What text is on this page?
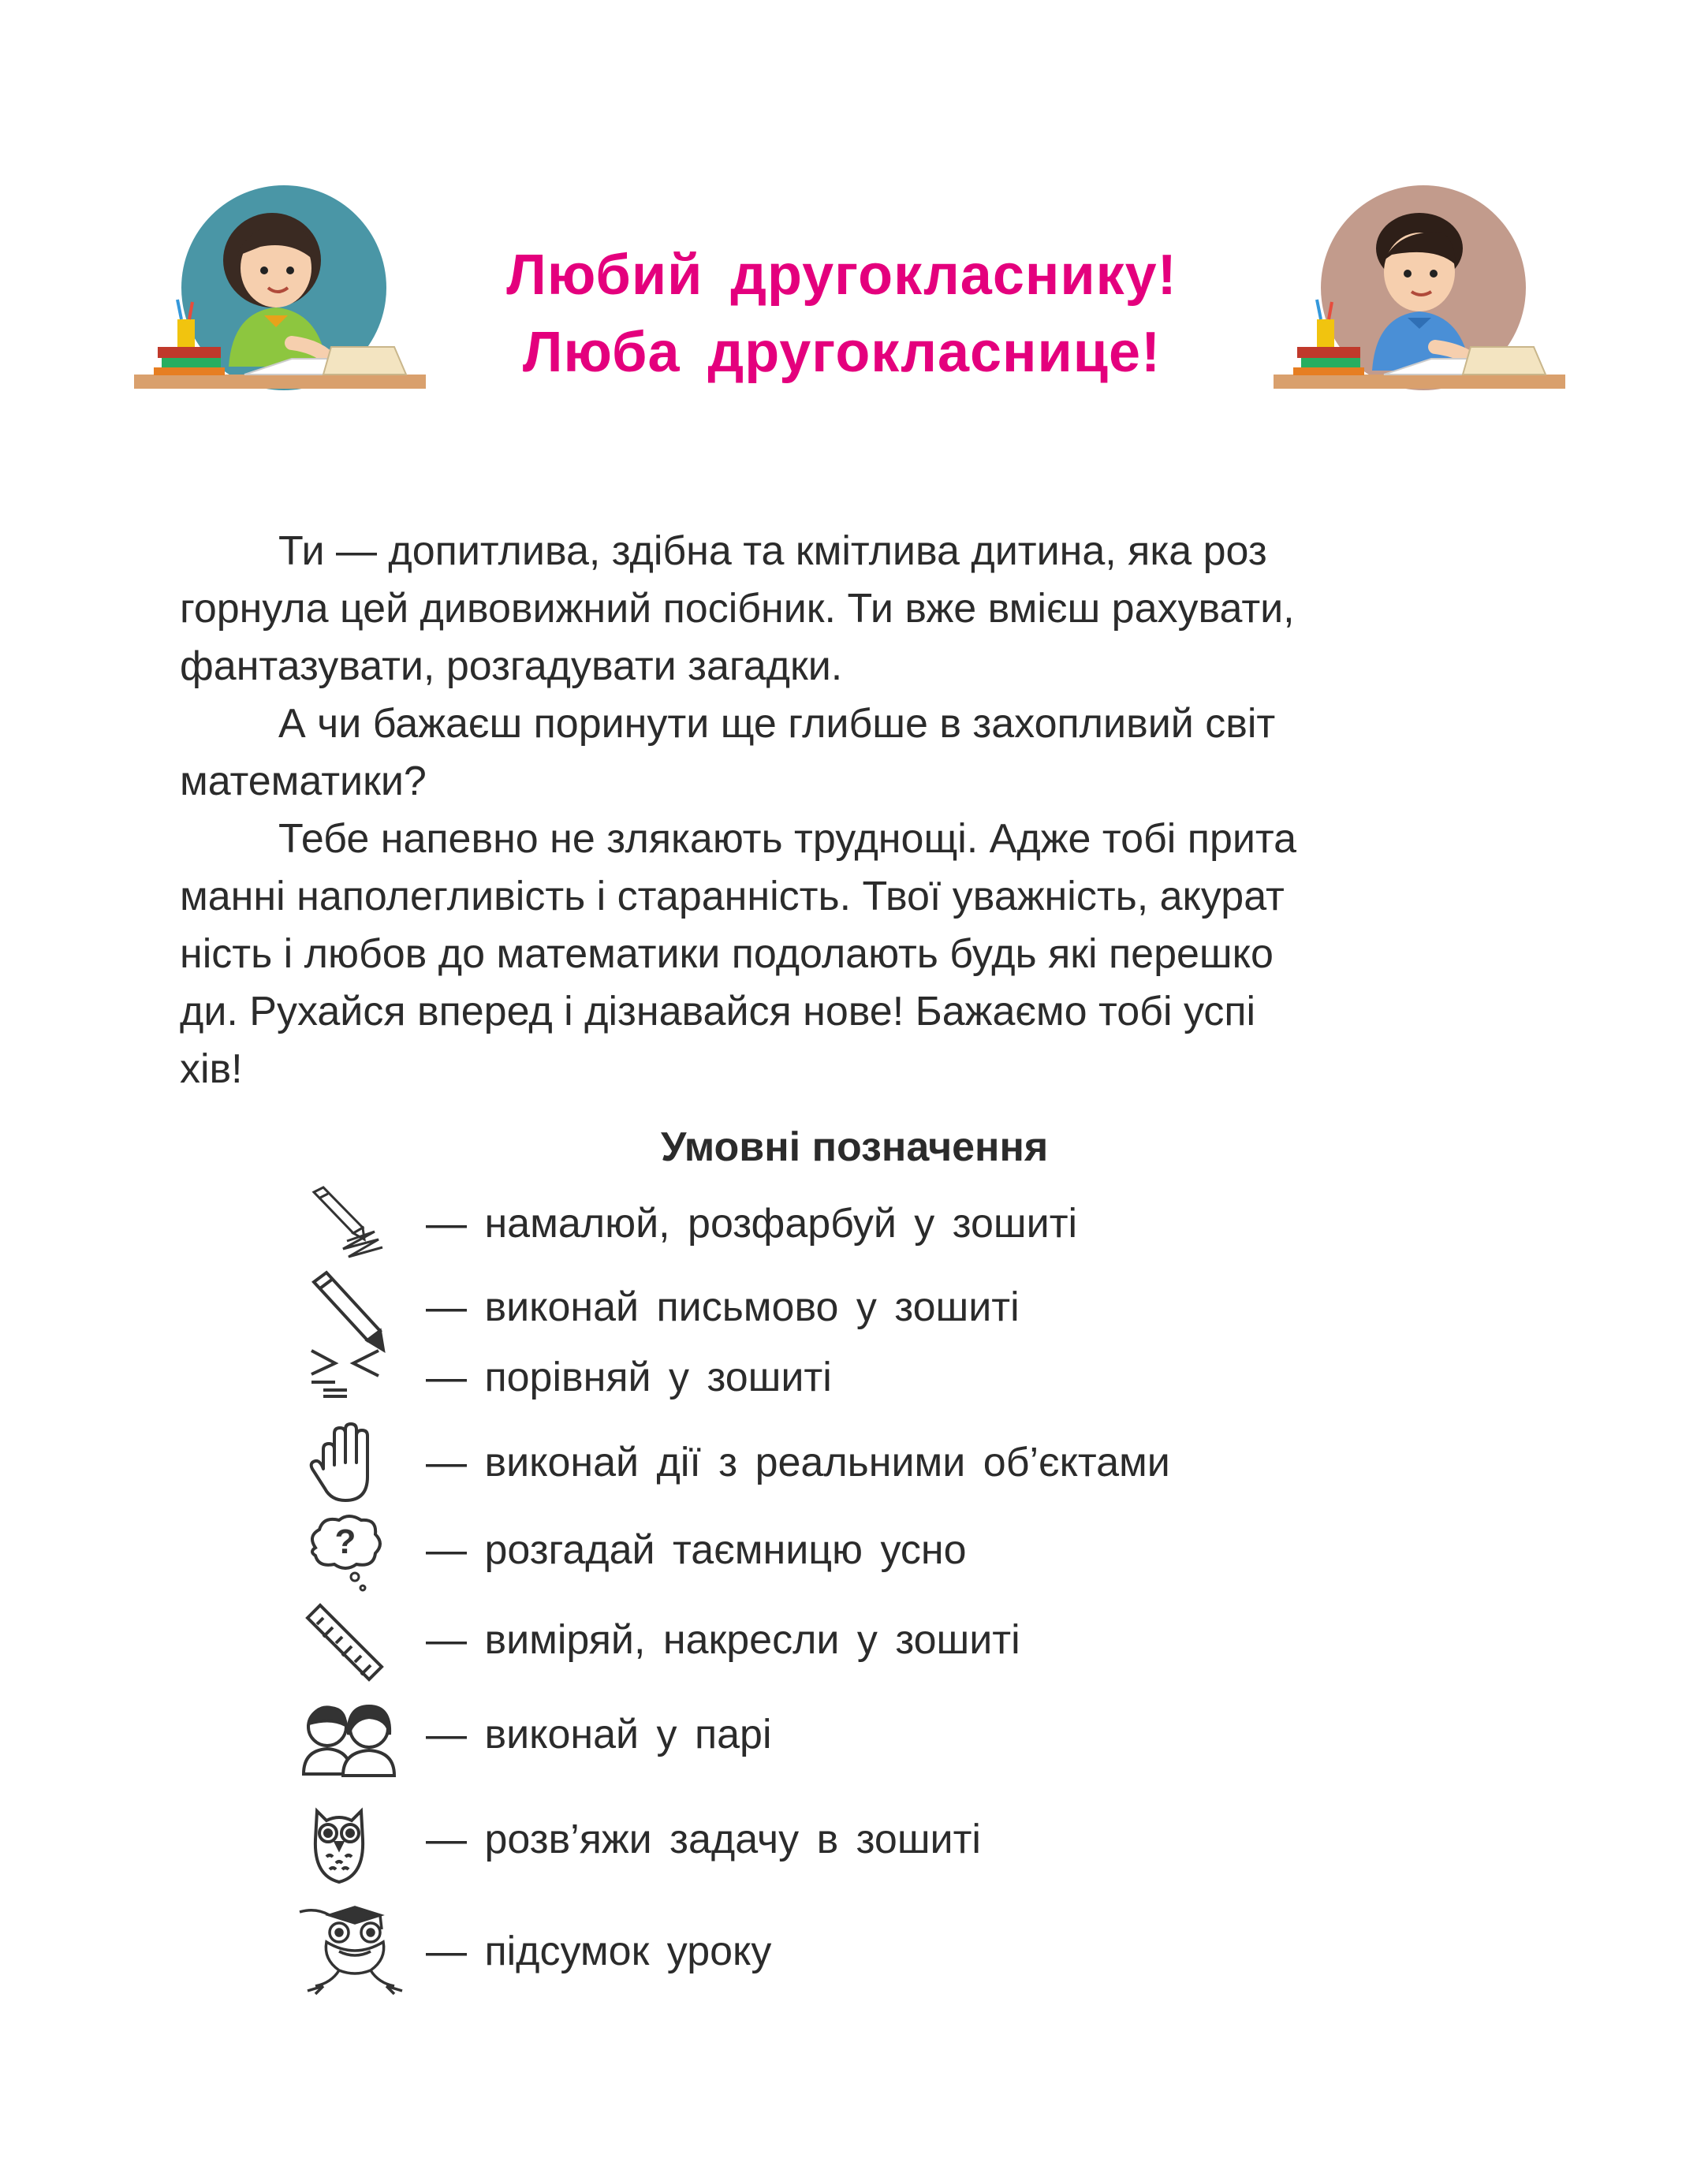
Любий другокласнику!
Люба другокласнице!

Ти — допитлива, здібна та кмітлива дитина, яка роз

горнула цей дивовижний посібник. Ти вже вмієш рахувати,

фантазувати, розгадувати загадки.

А чи бажаєш поринути ще глибше в захопливий світ

математики?

Тебе напевно не злякають труднощі. Адже тобі прита

манні наполегливість і старанність. Твої уважність, акурат

ність і любов до математики подолають будь які перешко

ди. Рухайся вперед і дізнавайся нове! Бажаємо тобі успі

хів!

Умовні позначення
— намалюй, розфарбуй у зошиті
— виконай письмово у зошиті
— порівняй у зошиті
— виконай дії з реальними об’єктами
? — розгадай таємницю усно
— виміряй, накресли у зошиті
— виконай у парі
— розв’яжи задачу в зошиті
— підсумок уроку
